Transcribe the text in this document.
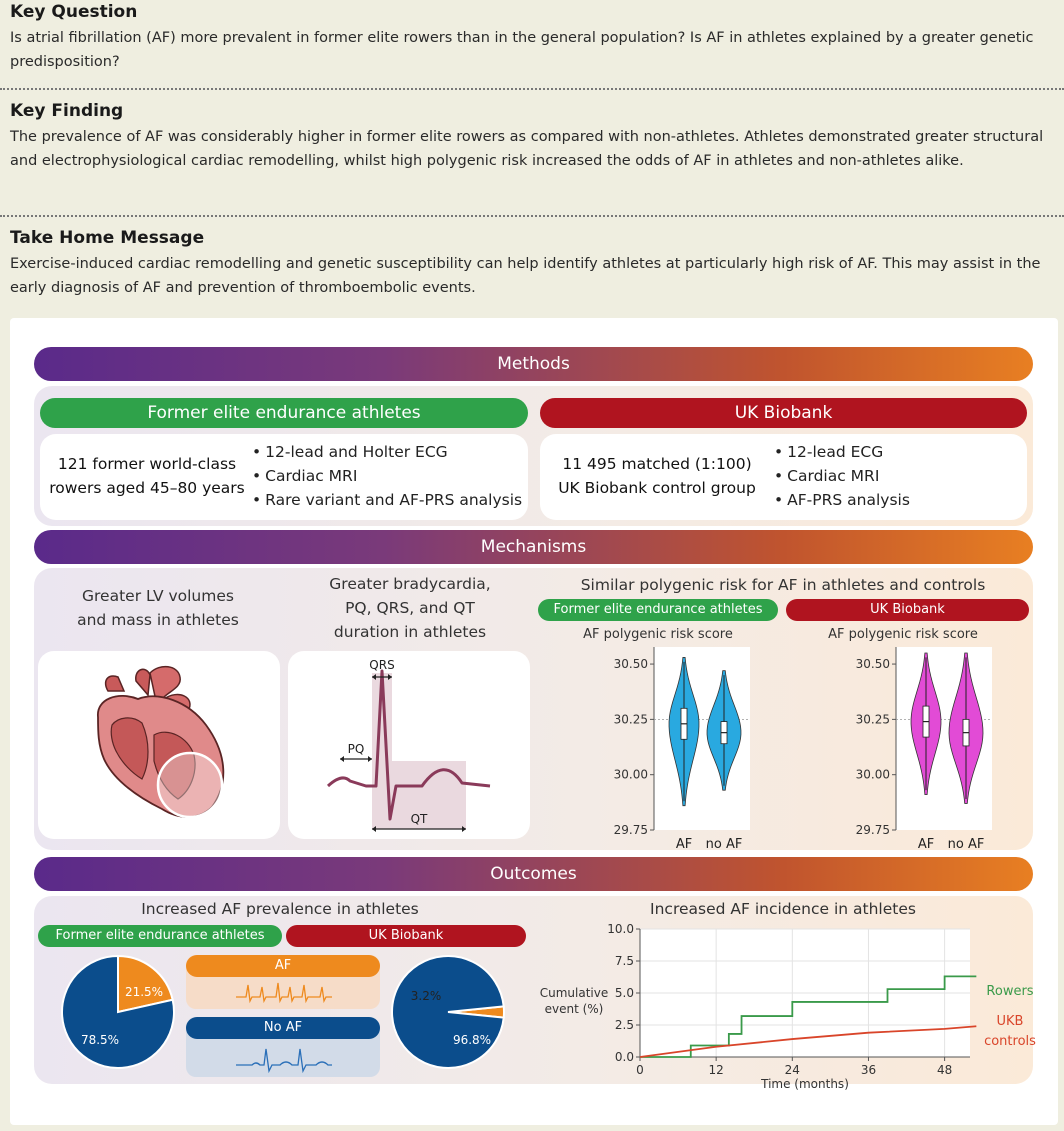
Key Question

Is atrial fibrillation (AF) more prevalent in former elite rowers than in the general population? Is AF in athletes explained by a greater genetic predisposition?

Key Finding

The prevalence of AF was considerably higher in former elite rowers as compared with non-athletes. Athletes demonstrated greater structural and electrophysiological cardiac remodelling, whilst high polygenic risk increased the odds of AF in athletes and non-athletes alike.

Take Home Message

Exercise-induced cardiac remodelling and genetic susceptibility can help identify athletes at particularly high risk of AF. This may assist in the early diagnosis of AF and prevention of thromboembolic events.

Methods
Former elite endurance athletes	UK Biobank
121 former world-class
rowers aged 45–80 years
• 12-lead and Holter ECG
• Cardiac MRI
• Rare variant and AF-PRS analysis
11 495 matched (1:100)
UK Biobank control group
• 12-lead ECG
• Cardiac MRI
• AF-PRS analysis
Mechanisms
Greater LV volumes
and mass in athletes
Greater bradycardia,
PQ, QRS, and QT
duration in athletes
QRS
PQ
QT
Similar polygenic risk for AF in athletes and controls
Former elite endurance athletes	UK Biobank
AF polygenic risk score	AF polygenic risk score
29.75
30.00
30.25
30.50
AF no AF
29.75
30.00
30.25
30.50
AF no AF
Outcomes
Increased AF prevalence in athletes
Former elite endurance athletes	UK Biobank
21.5%
78.5%
3.2%
96.8%
AF
No AF
Increased AF incidence in athletes
0.0
2.5
5.0
7.5
10.0
0	12	24	36	48
Cumulative
event (%)
Time (months)
Rowers
UKB
controls
